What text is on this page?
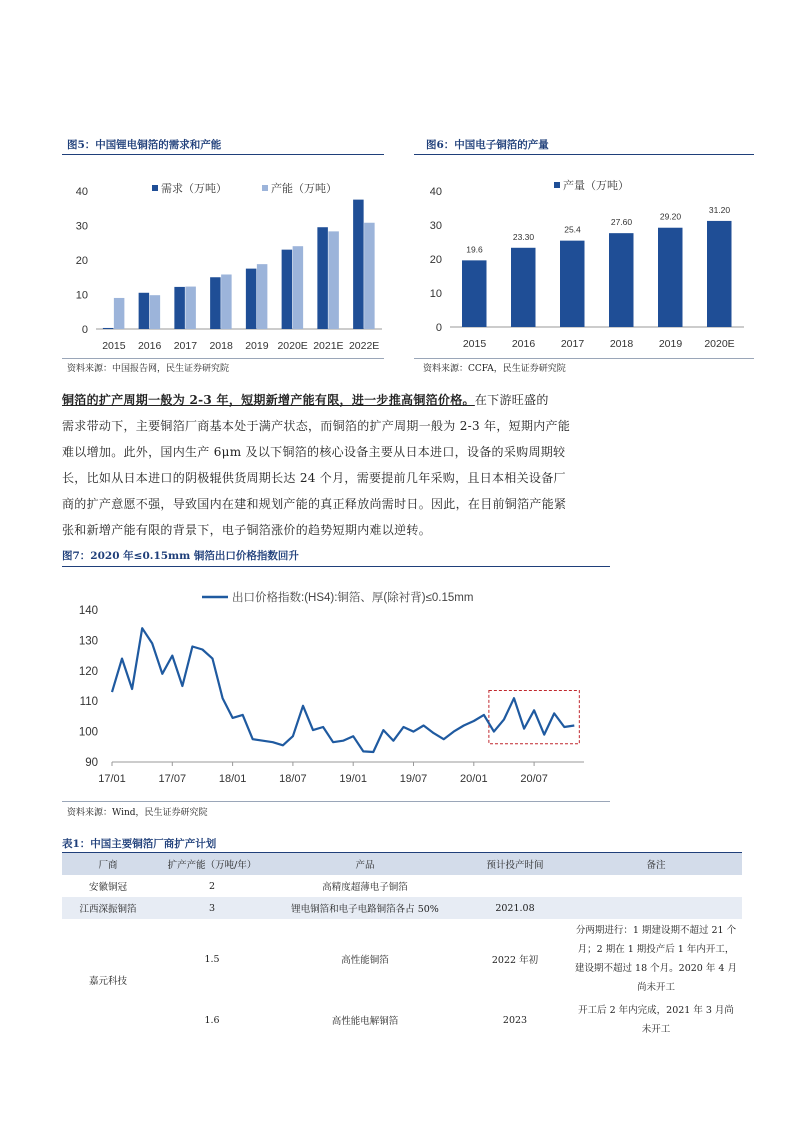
图5：中国锂电铜箔的需求和产能
0
10
20
30
40
2015 2016 2017 2018 2019 2020E 2021E 2022E
需求（万吨）	产能（万吨）
资料来源：中国报告网，民生证券研究院
图6：中国电子铜箔的产量
0
10
20
30
40
2015
19.6
2016
23.30
2017
25.4
2018
27.60
2019
29.20
2020E
31.20
产量（万吨）
资料来源：CCFA，民生证券研究院
铜箔的扩产周期一般为 2-3 年，短期新增产能有限，进一步推高铜箔价格。在下游旺盛的
需求带动下，主要铜箔厂商基本处于满产状态，而铜箔的扩产周期一般为 2-3 年，短期内产能
难以增加。此外，国内生产 6μm 及以下铜箔的核心设备主要从日本进口，设备的采购周期较
长，比如从日本进口的阴极辊供货周期长达 24 个月，需要提前几年采购，且日本相关设备厂
商的扩产意愿不强，导致国内在建和规划产能的真正释放尚需时日。因此，在目前铜箔产能紧
张和新增产能有限的背景下，电子铜箔涨价的趋势短期内难以逆转。
图7：2020 年≤0.15mm 铜箔出口价格指数回升
90
100
110
120
130
140
17/01	17/07	18/01	18/07	19/01	19/07	20/01	20/07
出口价格指数:(HS4):铜箔、厚(除衬背)≤0.15mm
资料来源：Wind，民生证券研究院
表1：中国主要铜箔厂商扩产计划
厂商	扩产产能（万吨/年）	产品	预计投产时间	备注
安徽铜冠	2	高精度超薄电子铜箔		
江西深振铜箔	3	锂电铜箔和电子电路铜箔各占 50%	2021.08	
嘉元科技	1.5	高性能铜箔	2022 年初	分两期进行：1 期建设期不超过 21 个月；2 期在 1 期投产后 1 年内开工，建设期不超过 18 个月。2020 年 4 月尚未开工
	1.6	高性能电解铜箔	2023	开工后 2 年内完成，2021 年 3 月尚未开工
